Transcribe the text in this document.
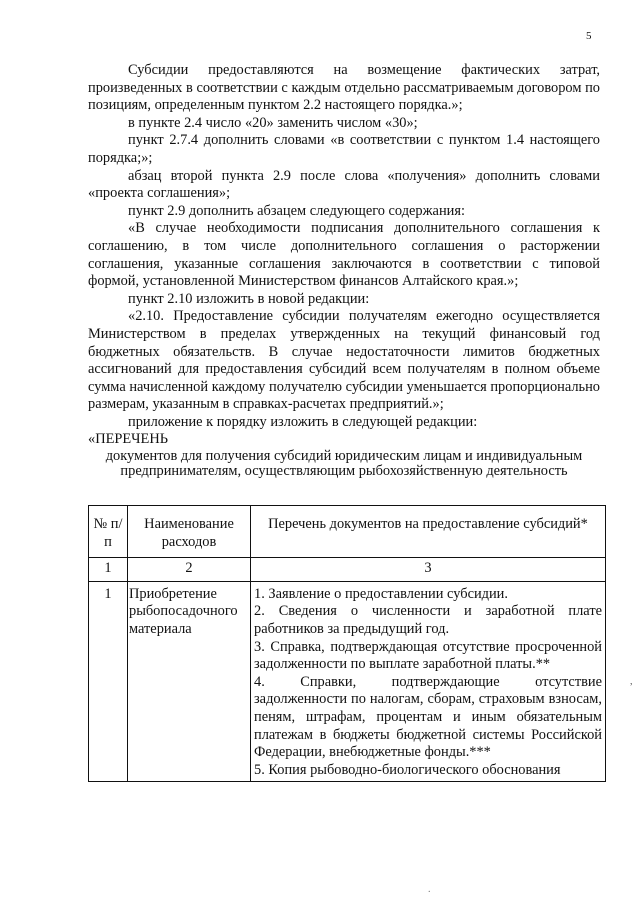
5

Субсидии предоставляются на возмещение фактических затрат, произведенных в соответствии с каждым отдельно рассматриваемым договором по позициям, определенным пунктом 2.2 настоящего порядка.»;

в пункте 2.4 число «20» заменить числом «30»;

пункт 2.7.4 дополнить словами «в соответствии с пунктом 1.4 настоящего порядка;»;

абзац второй пункта 2.9 после слова «получения» дополнить словами «проекта соглашения»;

пункт 2.9 дополнить абзацем следующего содержания:

«В случае необходимости подписания дополнительного соглашения к соглашению, в том числе дополнительного соглашения о расторжении соглашения, указанные соглашения заключаются в соответствии с типовой формой, установленной Министерством финансов Алтайского края.»;

пункт 2.10 изложить в новой редакции:

«2.10. Предоставление субсидии получателям ежегодно осуществляется Министерством в пределах утвержденных на текущий финансовый год бюджетных обязательств. В случае недостаточности лимитов бюджетных ассигнований для предоставления субсидий всем получателям в полном объеме сумма начисленной каждому получателю субсидии уменьшается пропорционально размерам, указанным в справках-расчетах предприятий.»;

приложение к порядку изложить в следующей редакции:

«ПЕРЕЧЕНЬ

документов для получения субсидий юридическим лицам и индивидуальным предпринимателям, осуществляющим рыбохозяйственную деятельность

№ п/п	Наименование расходов	Перечень документов на предоставление субсидий*
1	2	3
1	Приобретение рыбопосадочного материала	1. Заявление о предоставлении субсидии.

2. Сведения о численности и заработной плате работников за предыдущий год.

3. Справка, подтверждающая отсутствие просроченной задолженности по выплате заработной платы.**

4. Справки, подтверждающие отсутствие задолженности по налогам, сборам, страховым взносам, пеням, штрафам, процентам и иным обязательным платежам в бюджеты бюджетной системы Российской Федерации, внебюджетные фонды.***

5. Копия рыбоводно-биологического обоснования

,
.
